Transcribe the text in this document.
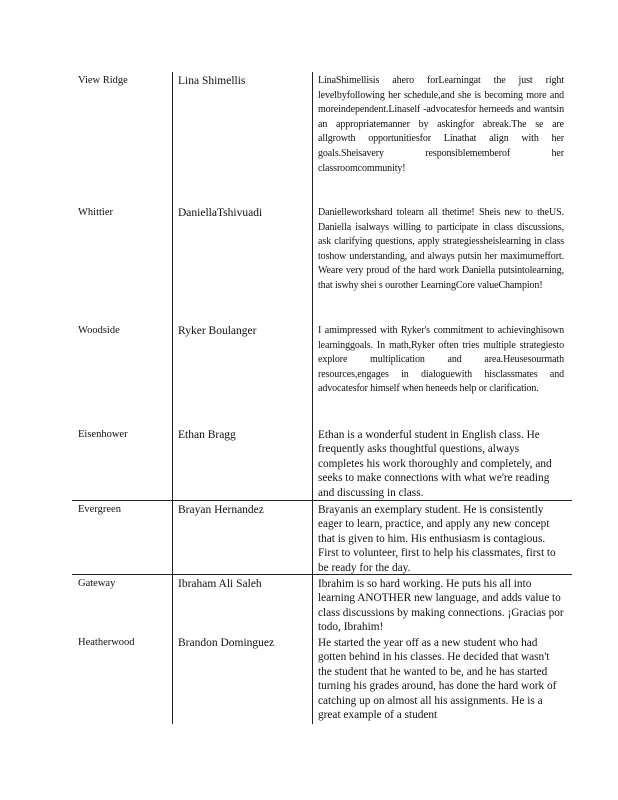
View Ridge	Lina Shimellis	LinaShimellisis ahero forLearningat the just right levelbyfollowing her schedule,and she is becoming more and moreindependent.Linaself -advocatesfor herneeds and wantsin an appropriatemanner by askingfor abreak.The se are allgrowth opportunitiesfor Linathat align with her goals.Sheisavery responsiblememberof her classroomcommunity!
Whittier	DaniellaTshivuadi	Danielleworkshard tolearn all thetime! Sheis new to theUS. Daniella isalways willing to participate in class discussions, ask clarifying questions, apply strategiessheislearning in class toshow understanding, and always putsin her maximumeffort. Weare very proud of the hard work Daniella putsintolearning, that iswhy shei s ourother LearningCore valueChampion!
Woodside	Ryker Boulanger	I amimpressed with Ryker's commitment to achievinghisown learninggoals. In math,Ryker often tries multiple strategiesto explore multiplication and area.Heusesourmath resources,engages in dialoguewith hisclassmates and advocatesfor himself when heneeds help or clarification.
Eisenhower	Ethan Bragg	Ethan is a wonderful student in English class. He frequently asks thoughtful questions, always completes his work thoroughly and completely, and seeks to make connections with what we're reading and discussing in class.
Evergreen	Brayan Hernandez	Brayanis an exemplary student. He is consistently eager to learn, practice, and apply any new concept that is given to him. His enthusiasm is contagious. First to volunteer, first to help his classmates, first to be ready for the day.
Gateway	Ibraham Ali Saleh	Ibrahim is so hard working. He puts his all into learning ANOTHER new language, and adds value to class discussions by making connections. ¡Gracias por todo, Ibrahim!
Heatherwood	Brandon Dominguez	He started the year off as a new student who had gotten behind in his classes. He decided that wasn't the student that he wanted to be, and he has started turning his grades around, has done the hard work of catching up on almost all his assignments. He is a great example of a student
